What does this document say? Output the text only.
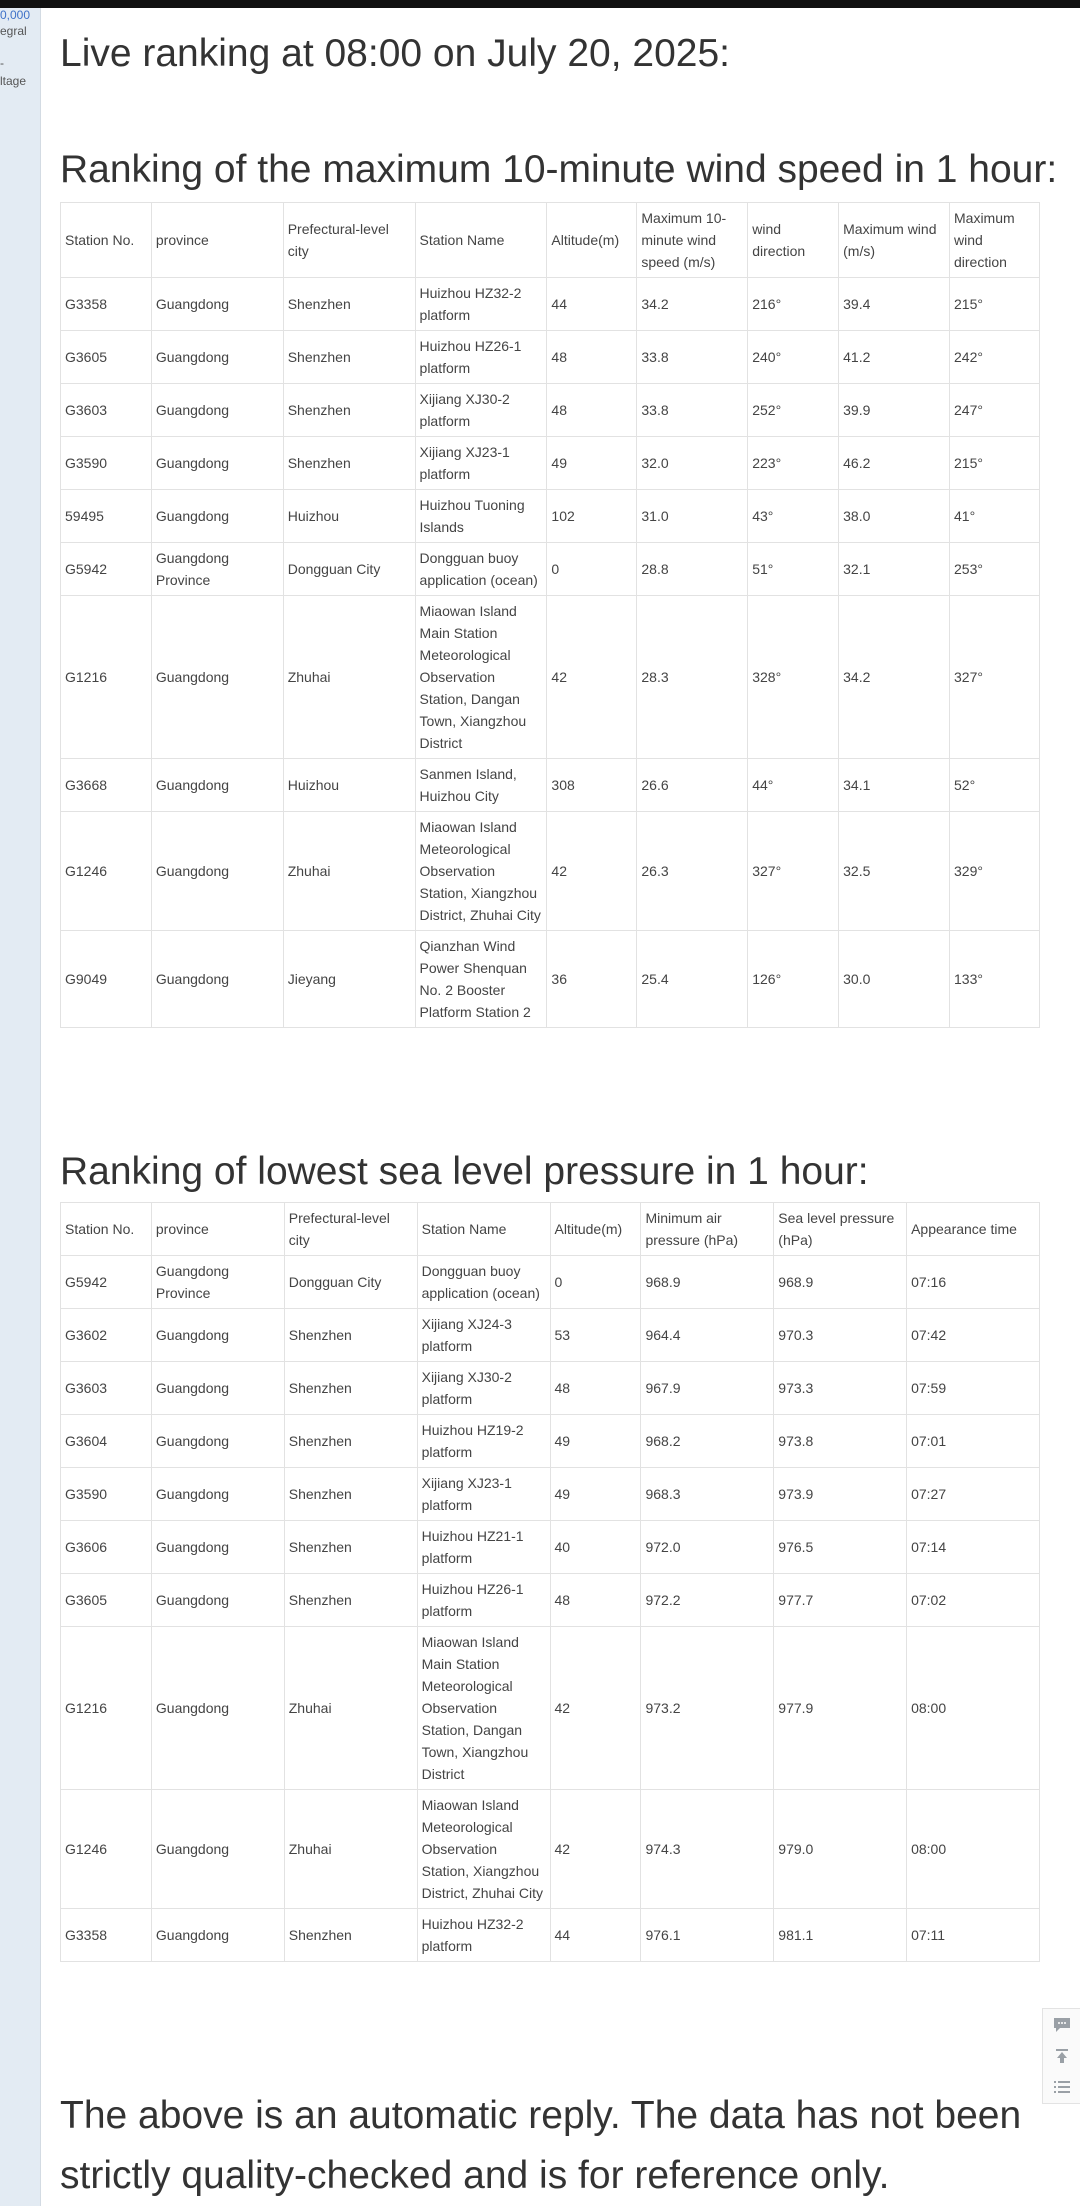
0,000
egral
-
ltage
Live ranking at 08:00 on July 20, 2025:
Ranking of the maximum 10-minute wind speed in 1 hour:
Station No.	province	Prefectural-level city	Station Name	Altitude(m)	Maximum 10-minute wind speed (m/s)	wind direction	Maximum wind (m/s)	Maximum wind direction
G3358	Guangdong	Shenzhen	Huizhou HZ32-2 platform	44	34.2	216°	39.4	215°
G3605	Guangdong	Shenzhen	Huizhou HZ26-1 platform	48	33.8	240°	41.2	242°
G3603	Guangdong	Shenzhen	Xijiang XJ30-2 platform	48	33.8	252°	39.9	247°
G3590	Guangdong	Shenzhen	Xijiang XJ23-1 platform	49	32.0	223°	46.2	215°
59495	Guangdong	Huizhou	Huizhou Tuoning Islands	102	31.0	43°	38.0	41°
G5942	Guangdong Province	Dongguan City	Dongguan buoy application (ocean)	0	28.8	51°	32.1	253°
G1216	Guangdong	Zhuhai	Miaowan Island Main Station Meteorological Observation Station, Dangan Town, Xiangzhou District	42	28.3	328°	34.2	327°
G3668	Guangdong	Huizhou	Sanmen Island, Huizhou City	308	26.6	44°	34.1	52°
G1246	Guangdong	Zhuhai	Miaowan Island Meteorological Observation Station, Xiangzhou District, Zhuhai City	42	26.3	327°	32.5	329°
G9049	Guangdong	Jieyang	Qianzhan Wind Power Shenquan No. 2 Booster Platform Station 2	36	25.4	126°	30.0	133°
Ranking of lowest sea level pressure in 1 hour:
Station No.	province	Prefectural-level city	Station Name	Altitude(m)	Minimum air pressure (hPa)	Sea level pressure (hPa)	Appearance time
G5942	Guangdong Province	Dongguan City	Dongguan buoy application (ocean)	0	968.9	968.9	07:16
G3602	Guangdong	Shenzhen	Xijiang XJ24-3 platform	53	964.4	970.3	07:42
G3603	Guangdong	Shenzhen	Xijiang XJ30-2 platform	48	967.9	973.3	07:59
G3604	Guangdong	Shenzhen	Huizhou HZ19-2 platform	49	968.2	973.8	07:01
G3590	Guangdong	Shenzhen	Xijiang XJ23-1 platform	49	968.3	973.9	07:27
G3606	Guangdong	Shenzhen	Huizhou HZ21-1 platform	40	972.0	976.5	07:14
G3605	Guangdong	Shenzhen	Huizhou HZ26-1 platform	48	972.2	977.7	07:02
G1216	Guangdong	Zhuhai	Miaowan Island Main Station Meteorological Observation Station, Dangan Town, Xiangzhou District	42	973.2	977.9	08:00
G1246	Guangdong	Zhuhai	Miaowan Island Meteorological Observation Station, Xiangzhou District, Zhuhai City	42	974.3	979.0	08:00
G3358	Guangdong	Shenzhen	Huizhou HZ32-2 platform	44	976.1	981.1	07:11
The above is an automatic reply. The data has not been strictly quality-checked and is for reference only.
